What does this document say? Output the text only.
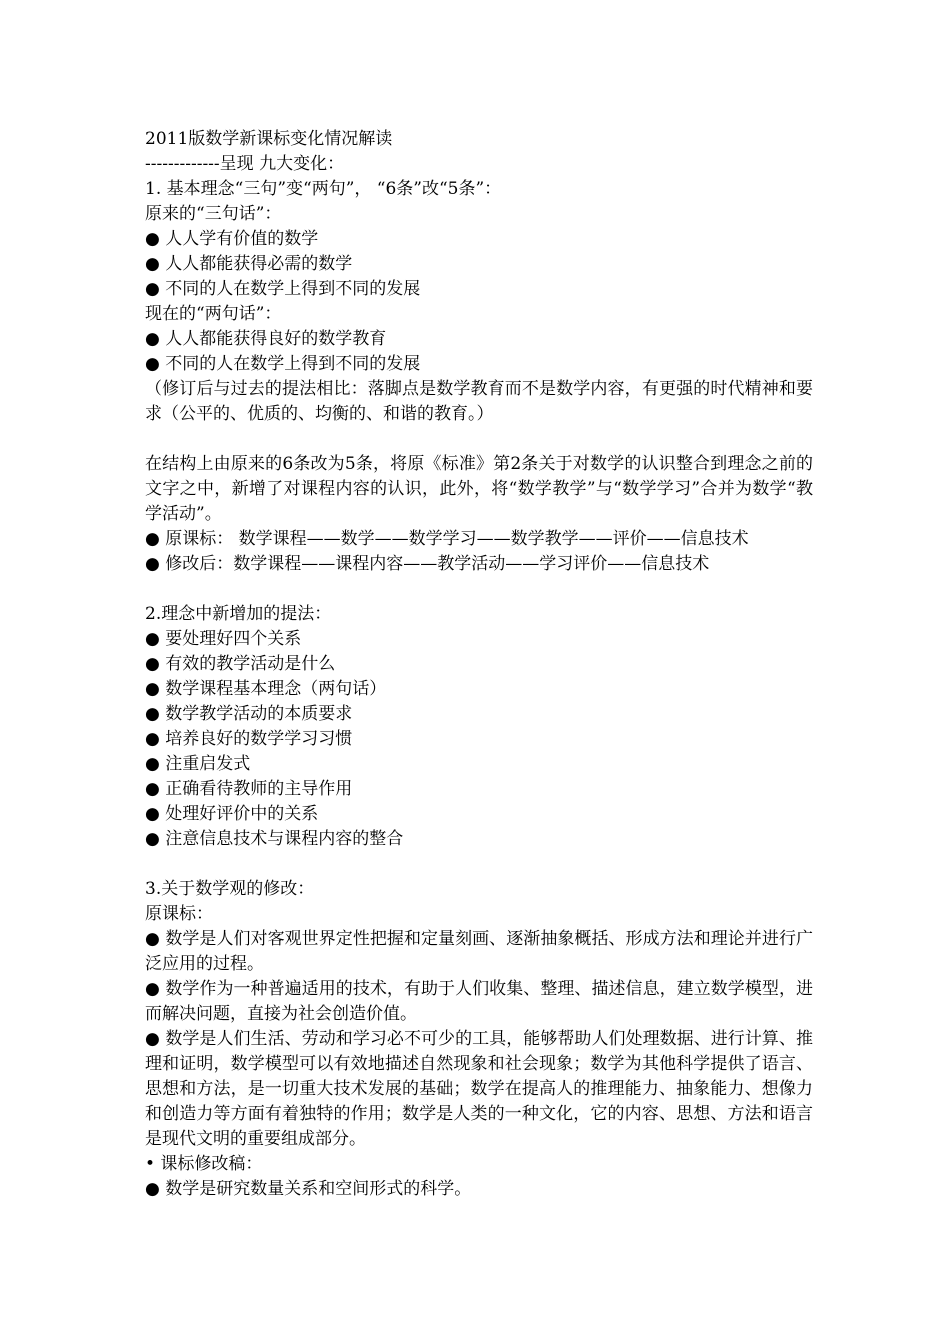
2011版数学新课标变化情况解读

-------------呈现 九大变化：

1. 基本理念“三句”变“两句”， “6条”改“5条”：

原来的“三句话”：

● 人人学有价值的数学

● 人人都能获得必需的数学

● 不同的人在数学上得到不同的发展

现在的“两句话”：

● 人人都能获得良好的数学教育

● 不同的人在数学上得到不同的发展

（修订后与过去的提法相比：落脚点是数学教育而不是数学内容，有更强的时代精神和要求（公平的、优质的、均衡的、和谐的教育。）

在结构上由原来的6条改为5条，将原《标准》第2条关于对数学的认识整合到理念之前的文字之中，新增了对课程内容的认识，此外，将“数学教学”与“数学学习”合并为数学“教学活动”。

● 原课标： 数学课程——数学——数学学习——数学教学——评价——信息技术

● 修改后：数学课程——课程内容——教学活动——学习评价——信息技术

2.理念中新增加的提法：

● 要处理好四个关系

● 有效的教学活动是什么

● 数学课程基本理念（两句话）

● 数学教学活动的本质要求

● 培养良好的数学学习习惯

● 注重启发式

● 正确看待教师的主导作用

● 处理好评价中的关系

● 注意信息技术与课程内容的整合

3.关于数学观的修改：

原课标：

● 数学是人们对客观世界定性把握和定量刻画、逐渐抽象概括、形成方法和理论并进行广泛应用的过程。

● 数学作为一种普遍适用的技术，有助于人们收集、整理、描述信息，建立数学模型，进而解决问题，直接为社会创造价值。

● 数学是人们生活、劳动和学习必不可少的工具，能够帮助人们处理数据、进行计算、推理和证明，数学模型可以有效地描述自然现象和社会现象；数学为其他科学提供了语言、思想和方法，是一切重大技术发展的基础；数学在提高人的推理能力、抽象能力、想像力和创造力等方面有着独特的作用；数学是人类的一种文化，它的内容、思想、方法和语言是现代文明的重要组成部分。

• 课标修改稿：

● 数学是研究数量关系和空间形式的科学。
